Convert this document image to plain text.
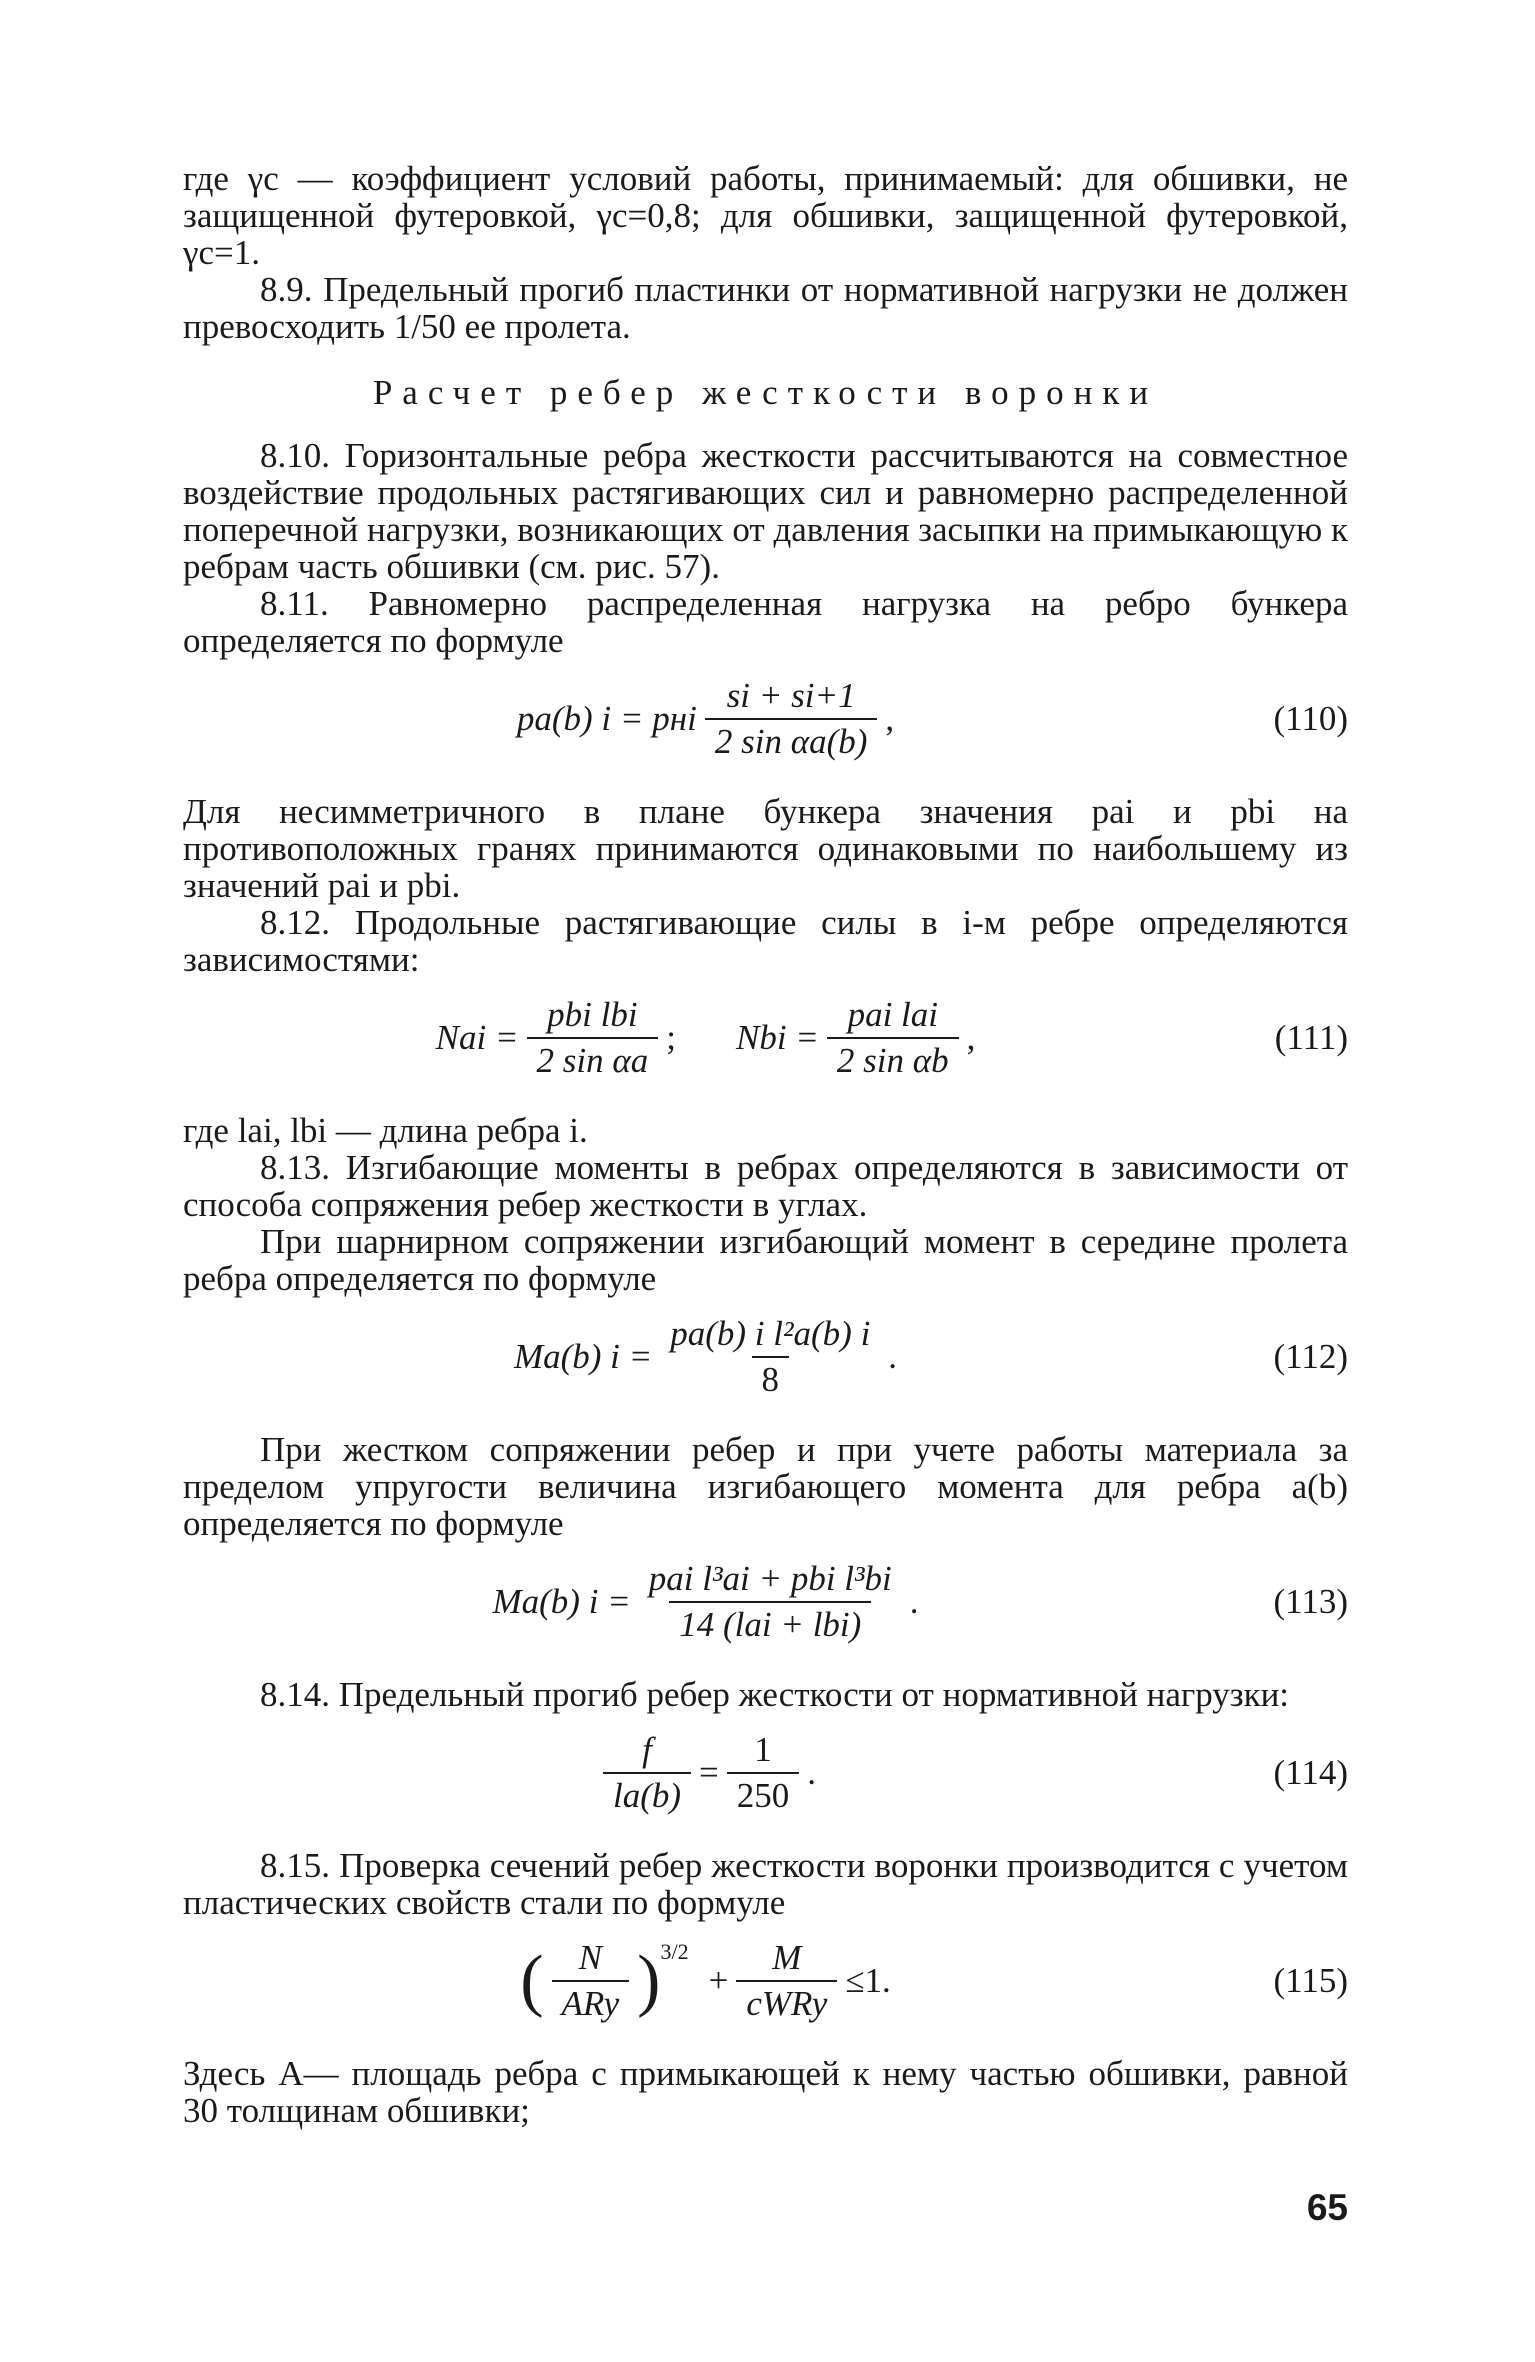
где γc — коэффициент условий работы, принимаемый: для обшивки, не защищенной футеровкой, γc=0,8; для обшивки, защищенной футеровкой, γc=1.

8.9. Предельный прогиб пластинки от нормативной нагрузки не должен превосходить 1/50 ее пролета.

Расчет ребер жесткости воронки

8.10. Горизонтальные ребра жесткости рассчитываются на совместное воздействие продольных растягивающих сил и равномерно распределенной поперечной нагрузки, возникающих от давления засыпки на примыкающую к ребрам часть обшивки (см. рис. 57).

8.11. Равномерно распределенная нагрузка на ребро бункера определяется по формуле

pa(b) i = pнi $\frac{si + si+1}{\text{2 sin αa(b)}}$ ,	(110)

Для несимметричного в плане бункера значения pai и pbi на противоположных гранях принимаются одинаковыми по наибольшему из значений pai и pbi.

8.12. Продольные растягивающие силы в i-м ребре определяются зависимостями:

Nai = $\frac{\text{pbi lbi}}{\text{2 sin αa}}$ ; Nbi = $\frac{\text{pai lai}}{\text{2 sin αb}}$ ,	(111)

где lai, lbi — длина ребра i.

8.13. Изгибающие моменты в ребрах определяются в зависимости от способа сопряжения ребер жесткости в углах.

При шарнирном сопряжении изгибающий момент в середине пролета ребра определяется по формуле

Ma(b) $i = \frac{\text{pa(b) i l²a(b) i}}{8}$ .	(112)

При жестком сопряжении ребер и при учете работы материала за пределом упругости величина изгибающего момента для ребра a(b) определяется по формуле

Ma(b) $i = \frac{\text{pai l³ai + pbi l³bi}}{\text{14 (lai + lbi)}}$ .	(113)

8.14. Предельный прогиб ребер жесткости от нормативной нагрузки:

$\frac{f}{la(b)} = \frac{1}{250}$ .	(114)

8.15. Проверка сечений ребер жесткости воронки производится с учетом пластических свойств стали по формуле

( $\frac{N}{\text{ARy}} )^{3/2}$
+ $\frac{M}{\text{cWRy}} \le 1$.	(115)

Здесь A— площадь ребра с примыкающей к нему частью обшивки, равной 30 толщинам обшивки;

65
